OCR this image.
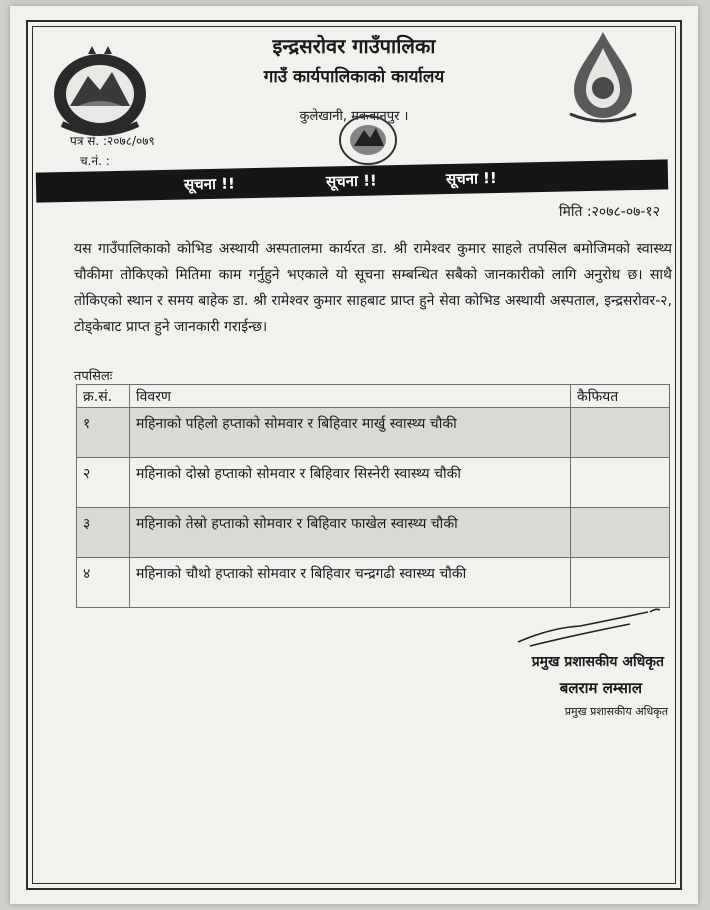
इन्द्रसरोवर गाउँपालिका
गाउँ कार्यपालिकाको कार्यालय
कुलेखानी, मकवानपुर ।
पत्र सं. :२०७८/०७९
च.नं. :
सूचना !!	सूचना !!	सूचना !!
मिति :२०७८-०७-१२
यस गाउँपालिकाको कोभिड अस्थायी अस्पतालमा कार्यरत डा. श्री रामेश्वर कुमार साहले तपसिल बमोजिमको स्वास्थ्य चौकीमा तोकिएको मितिमा काम गर्नुहुने भएकाले यो सूचना सम्बन्धित सबैको जानकारीको लागि अनुरोध छ। साथै तोकिएको स्थान र समय बाहेक डा. श्री रामेश्वर कुमार साहबाट प्राप्त हुने सेवा कोभिड अस्थायी अस्पताल, इन्द्रसरोवर-२, टोड्केबाट प्राप्त हुने जानकारी गराईन्छ।
तपसिलः
क्र.सं.	विवरण	कैफियत
१	महिनाको पहिलो हप्ताको सोमवार र बिहिवार मार्खु स्वास्थ्य चौकी	
२	महिनाको दोस्रो हप्ताको सोमवार र बिहिवार सिस्नेरी स्वास्थ्य चौकी	
३	महिनाको तेस्रो हप्ताको सोमवार र बिहिवार फाखेल स्वास्थ्य चौकी	
४	महिनाको चौथो हप्ताको सोमवार र बिहिवार चन्द्रगढी स्वास्थ्य चौकी	
प्रमुख प्रशासकीय अधिकृत
बलराम लम्साल
प्रमुख प्रशासकीय अधिकृत
